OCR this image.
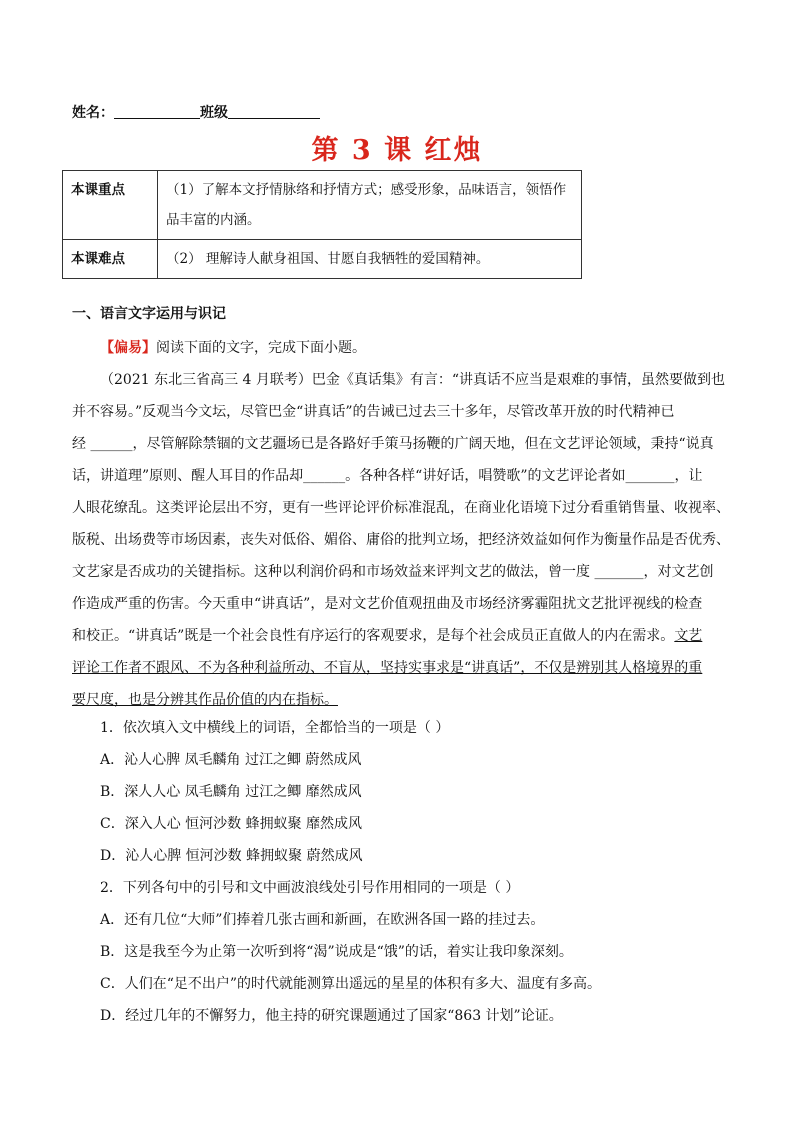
姓名：	班级
第 3 课 红烛
本课重点	（1）了解本文抒情脉络和抒情方式；感受形象，品味语言，领悟作
品丰富的内涵。

本课难点	（2） 理解诗人献身祖国、甘愿自我牺牲的爱国精神。
一、语言文字运用与识记
【偏易】阅读下面的文字，完成下面小题。
（2021 东北三省高三 4 月联考）巴金《真话集》有言：“讲真话不应当是艰难的事情，虽然要做到也
并不容易。”反观当今文坛，尽管巴金“讲真话”的告诫已过去三十多年，尽管改革开放的时代精神已
经 ______，尽管解除禁锢的文艺疆场已是各路好手策马扬鞭的广阔天地，但在文艺评论领域，秉持“说真
话，讲道理”原则、醒人耳目的作品却______。各种各样“讲好话，唱赞歌”的文艺评论者如_______，让
人眼花缭乱。这类评论层出不穷，更有一些评论评价标准混乱，在商业化语境下过分看重销售量、收视率、
版税、出场费等市场因素，丧失对低俗、媚俗、庸俗的批判立场，把经济效益如何作为衡量作品是否优秀、
文艺家是否成功的关键指标。这种以利润价码和市场效益来评判文艺的做法，曾一度 _______，对文艺创
作造成严重的伤害。今天重申“讲真话”，是对文艺价值观扭曲及市场经济雾霾阻扰文艺批评视线的检查
和校正。“讲真话”既是一个社会良性有序运行的客观要求，是每个社会成员正直做人的内在需求。文艺
评论工作者不跟风、不为各种利益所动、不盲从，坚持实事求是“讲真话”，不仅是辨别其人格境界的重
要尺度，也是分辨其作品价值的内在指标。
1．依次填入文中横线上的词语，全都恰当的一项是（ ）
A．沁人心脾 凤毛麟角 过江之鲫 蔚然成风
B．深人人心 凤毛麟角 过江之鲫 靡然成风
C．深入人心 恒河沙数 蜂拥蚁聚 靡然成风
D．沁人心脾 恒河沙数 蜂拥蚁聚 蔚然成风
2．下列各句中的引号和文中画波浪线处引号作用相同的一项是（ ）
A．还有几位“大师”们捧着几张古画和新画，在欧洲各国一路的挂过去。
B．这是我至今为止第一次听到将“渴”说成是“饿”的话，着实让我印象深刻。
C．人们在“足不出户”的时代就能测算出遥远的星星的体积有多大、温度有多高。
D．经过几年的不懈努力，他主持的研究课题通过了国家“863 计划”论证。
